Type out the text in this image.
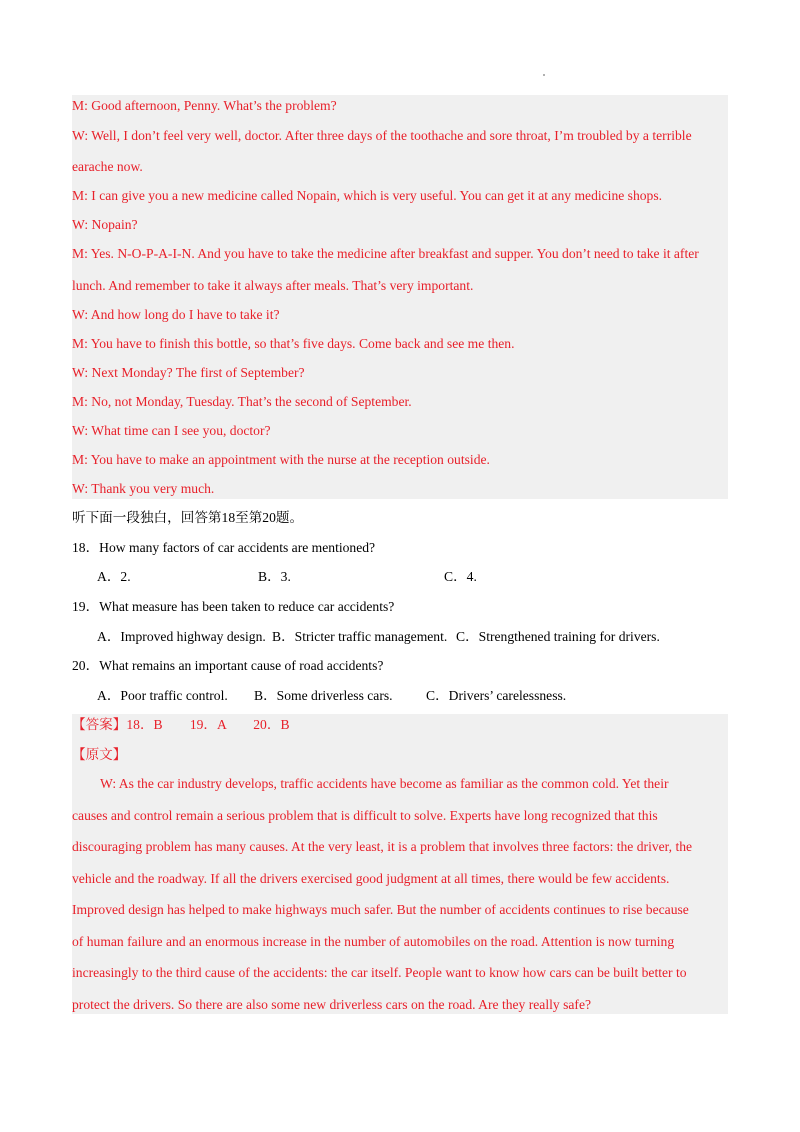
M: Good afternoon, Penny. What’s the problem?
W: Well, I don’t feel very well, doctor. After three days of the toothache and sore throat, I’m troubled by a terrible
earache now.
M: I can give you a new medicine called Nopain, which is very useful. You can get it at any medicine shops.
W: Nopain?
M: Yes. N-O-P-A-I-N. And you have to take the medicine after breakfast and supper. You don’t need to take it after
lunch. And remember to take it always after meals. That’s very important.
W: And how long do I have to take it?
M: You have to finish this bottle, so that’s five days. Come back and see me then.
W: Next Monday? The first of September?
M: No, not Monday, Tuesday. That’s the second of September.
W: What time can I see you, doctor?
M: You have to make an appointment with the nurse at the reception outside.
W: Thank you very much.
听下面一段独白，回答第18至第20题。
18．How many factors of car accidents are mentioned?
A．2.	B．3.	C．4.
19．What measure has been taken to reduce car accidents?
A．Improved highway design. B．Stricter traffic management. C．Strengthened training for drivers.
20．What remains an important cause of road accidents?
A．Poor traffic control. B．Some driverless cars. C．Drivers’ carelessness.
【答案】18．B　　19．A　　20．B
【原文】
W: As the car industry develops, traffic accidents have become as familiar as the common cold. Yet their
causes and control remain a serious problem that is difficult to solve. Experts have long recognized that this
discouraging problem has many causes. At the very least, it is a problem that involves three factors: the driver, the
vehicle and the roadway. If all the drivers exercised good judgment at all times, there would be few accidents.
Improved design has helped to make highways much safer. But the number of accidents continues to rise because
of human failure and an enormous increase in the number of automobiles on the road. Attention is now turning
increasingly to the third cause of the accidents: the car itself. People want to know how cars can be built better to
protect the drivers. So there are also some new driverless cars on the road. Are they really safe?
